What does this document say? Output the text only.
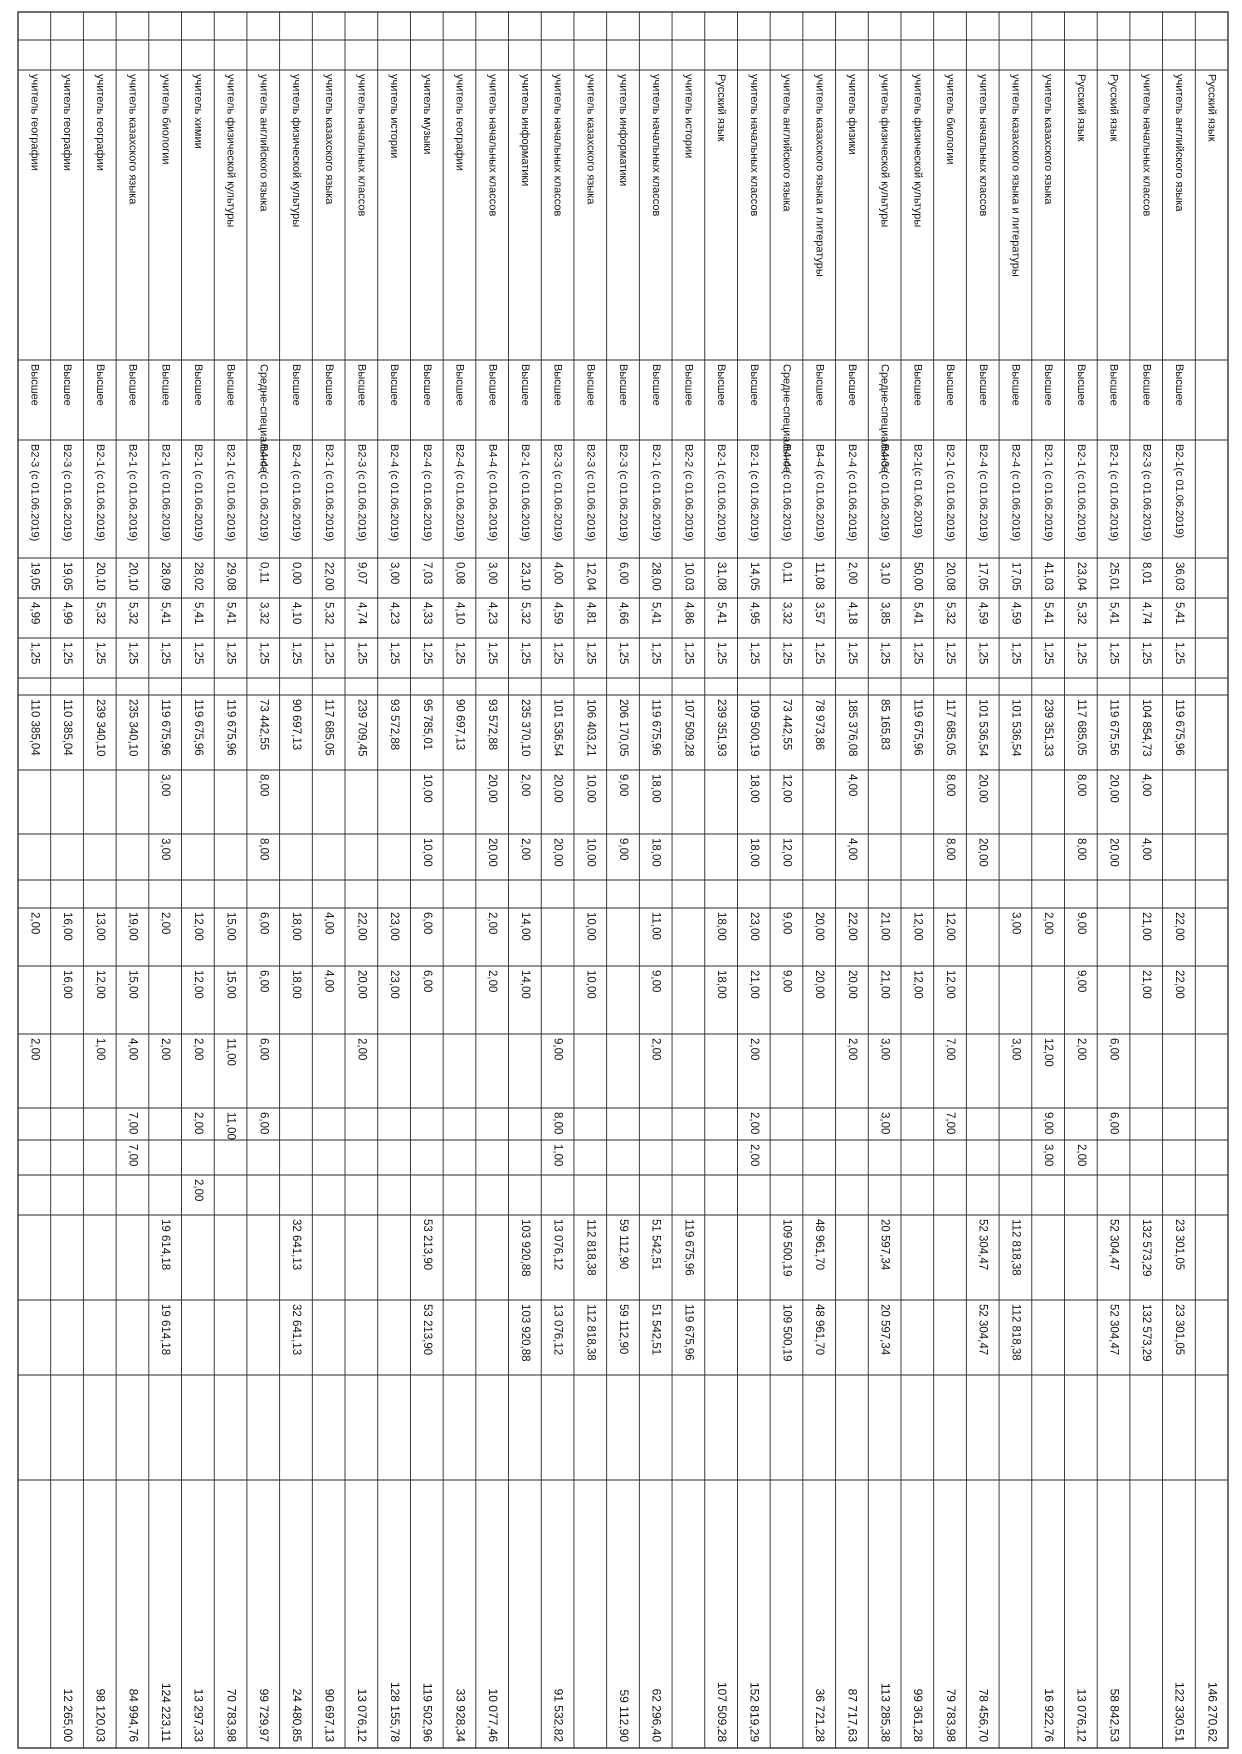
Русский язык
146 270,62
учитель английского языка
Высшее
В2-1(с 01.06.2019)
36,03
5,41
1,25
119 675,96
22,00
22,00
23 301,05
23 301,05
122 330,51
учитель начальных классов
Высшее
В2-3 (с 01.06.2019)
8,01
4,74
1,25
104 854,73
4,00
4,00
21,00
21,00
132 573,29
132 573,29
Русский язык
Высшее
В2-1 (с 01.06.2019)
25,01
5,41
1,25
119 675,56
20,00
20,00
6,00
6,00
52 304,47
52 304,47
58 842,53
Русский язык
Высшее
В2-1 (с 01.06.2019)
23,04
5,32
1,25
117 685,05
8,00
8,00
9,00
9,00
2,00
2,00
13 076,12
учитель казахского языка
Высшее
В2-1 (с 01.06.2019)
41,03
5,41
1,25
239 351,33
2,00
12,00
9,00
3,00
16 922,76
учитель казахского языка и литературы
Высшее
В2-4 (с 01.06.2019)
17,05
4,59
1,25
101 536,54
3,00
3,00
112 818,38
112 818,38
учитель начальных классов
Высшее
В2-4 (с 01.06.2019)
17,05
4,59
1,25
101 536,54
20,00
20,00
52 304,47
52 304,47
78 456,70
учитель биологии
Высшее
В2-1 (с 01.06.2019)
20,08
5,32
1,25
117 685,05
8,00
8,00
12,00
12,00
7,00
7,00
79 783,98
учитель физической культуры
Высшее
В2-1(с 01.06.2019)
50,00
5,41
1,25
119 675,96
12,00
12,00
99 361,28
учитель физической культуры
Средне-специальное
В4-3 (с 01.06.2019)
3,10
3,85
1,25
85 165,83
21,00
21,00
3,00
3,00
20 597,34
20 597,34
113 285,38
учитель физики
Высшее
В2-4 (с 01.06.2019)
2,00
4,18
1,25
185 376,08
4,00
4,00
22,00
20,00
2,00
87 717,63
учитель казахского языка и литературы
Высшее
В4-4 (с 01.06.2019)
11,08
3,57
1,25
78 973,86
20,00
20,00
48 961,70
48 961,70
36 721,28
учитель английского языка
Средне-специальное
В4-4 (с 01.06.2019)
0,11
3,32
1,25
73 442,55
12,00
12,00
9,00
9,00
109 500,19
109 500,19
учитель начальных классов
Высшее
В2-1 (с 01.06.2019)
14,05
4,95
1,25
109 500,19
18,00
18,00
23,00
21,00
2,00
2,00
2,00
152 819,29
Русский язык
Высшее
В2-1 (с 01.06.2019)
31,08
5,41
1,25
239 351,93
18,00
18,00
107 509,28
учитель истории
Высшее
В2-2 (с 01.06.2019)
10,03
4,86
1,25
107 509,28
119 675,96
119 675,96
учитель начальных классов
Высшее
В2-1 (с 01.06.2019)
28,00
5,41
1,25
119 675,96
18,00
18,00
11,00
9,00
2,00
51 542,51
51 542,51
62 296,40
учитель информатики
Высшее
В2-3 (с 01.06.2019)
6,00
4,66
1,25
206 170,05
9,00
9,00
59 112,90
59 112,90
59 112,90
учитель казахского языка
Высшее
В2-3 (с 01.06.2019)
12,04
4,81
1,25
106 403,21
10,00
10,00
10,00
10,00
112 818,38
112 818,38
учитель начальных классов
Высшее
В2-3 (с 01.06.2019)
4,00
4,59
1,25
101 536,54
20,00
20,00
9,00
8,00
1,00
13 076,12
13 076,12
91 532,82
учитель информатики
Высшее
В2-1 (с 01.06.2019)
23,10
5,32
1,25
235 370,10
2,00
2,00
14,00
14,00
103 920,88
103 920,88
учитель начальных классов
Высшее
В4-4 (с 01.06.2019)
3,00
4,23
1,25
93 572,88
20,00
20,00
2,00
2,00
10 077,46
учитель географии
Высшее
В2-4 (с 01.06.2019)
0,08
4,10
1,25
90 697,13
33 928,34
учитель музыки
Высшее
В2-4 (с 01.06.2019)
7,03
4,33
1,25
95 785,01
10,00
10,00
6,00
6,00
53 213,90
53 213,90
119 502,96
учитель истории
Высшее
В2-4 (с 01.06.2019)
3,00
4,23
1,25
93 572,88
23,00
23,00
128 155,78
учитель начальных классов
Высшее
В2-3 (с 01.06.2019)
9,07
4,74
1,25
239 709,45
22,00
20,00
2,00
13 076,12
учитель казахского языка
Высшее
В2-1 (с 01.06.2019)
22,00
5,32
1,25
117 685,05
4,00
4,00
90 697,13
учитель физической культуры
Высшее
В2-4 (с 01.06.2019)
0,00
4,10
1,25
90 697,13
18,00
18,00
32 641,13
32 641,13
24 480,85
учитель английского языка
Средне-специальное
В4-4 (с 01.06.2019)
0,11
3,32
1,25
73 442,55
8,00
8,00
6,00
6,00
6,00
6,00
99 729,97
учитель физической культуры
Высшее
В2-1 (с 01.06.2019)
29,08
5,41
1,25
119 675,96
15,00
15,00
11,00
11,00
70 783,98
учитель химии
Высшее
В2-1 (с 01.06.2019)
28,02
5,41
1,25
119 675,96
12,00
12,00
2,00
2,00
2,00
13 297,33
учитель биологии
Высшее
В2-1 (с 01.06.2019)
28,09
5,41
1,25
119 675,96
3,00
3,00
2,00
2,00
19 614,18
19 614,18
124 223,11
учитель казахского языка
Высшее
В2-1 (с 01.06.2019)
20,10
5,32
1,25
235 340,10
19,00
15,00
4,00
7,00
7,00
84 994,76
учитель географии
Высшее
В2-1 (с 01.06.2019)
20,10
5,32
1,25
239 340,10
13,00
12,00
1,00
98 120,03
учитель географии
Высшее
В2-3 (с 01.06.2019)
19,05
4,99
1,25
110 385,04
16,00
16,00
12 265,00
учитель географии
Высшее
В2-3 (с 01.06.2019)
19,05
4,99
1,25
110 385,04
2,00
2,00
